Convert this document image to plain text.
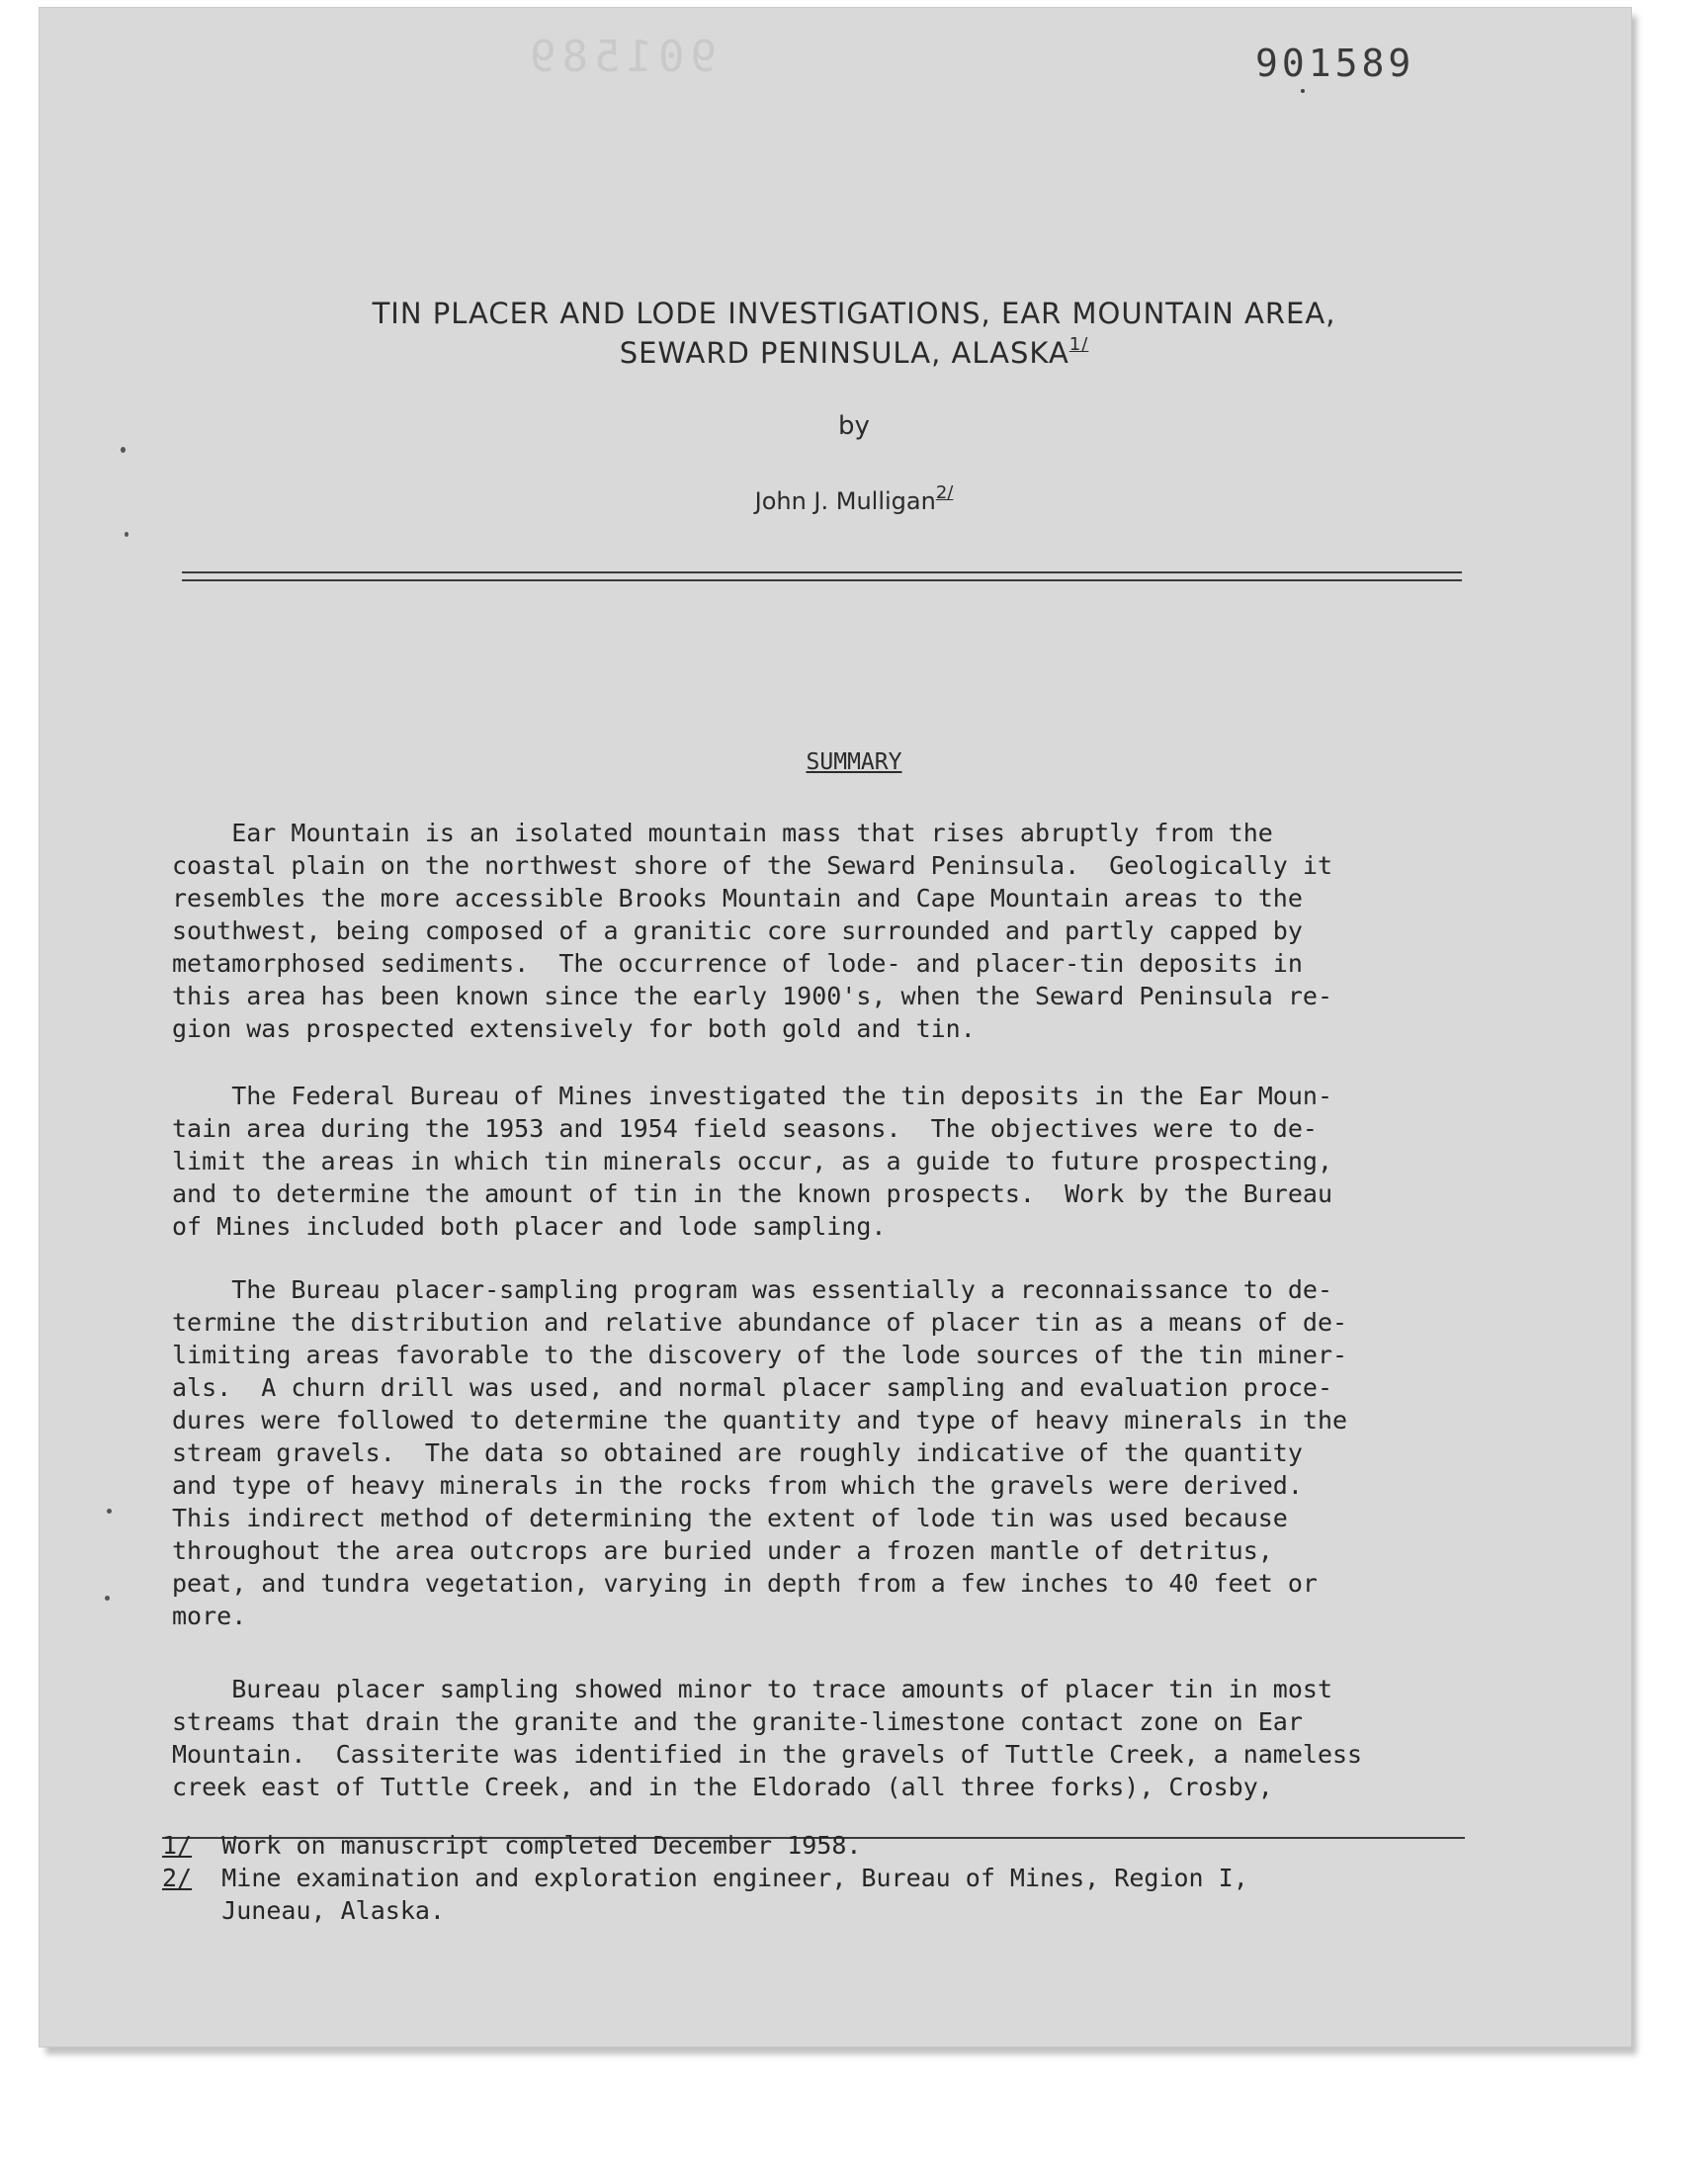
901589	901589
TIN PLACER AND LODE INVESTIGATIONS, EAR MOUNTAIN AREA,
SEWARD PENINSULA, $ALASKA^{1/}$
by
John J. Mulligan$^{2/}$
SUMMARY
Ear Mountain is an isolated mountain mass that rises abruptly from the
coastal plain on the northwest shore of the Seward Peninsula.  Geologically it
resembles the more accessible Brooks Mountain and Cape Mountain areas to the
southwest, being composed of a granitic core surrounded and partly capped by
metamorphosed sediments.  The occurrence of lode- and placer-tin deposits in
this area has been known since the early 1900's, when the Seward Peninsula re-
gion was prospected extensively for both gold and tin.
The Federal Bureau of Mines investigated the tin deposits in the Ear Moun-
tain area during the 1953 and 1954 field seasons.  The objectives were to de-
limit the areas in which tin minerals occur, as a guide to future prospecting,
and to determine the amount of tin in the known prospects.  Work by the Bureau
of Mines included both placer and lode sampling.
The Bureau placer-sampling program was essentially a reconnaissance to de-
termine the distribution and relative abundance of placer tin as a means of de-
limiting areas favorable to the discovery of the lode sources of the tin miner-
als.  A churn drill was used, and normal placer sampling and evaluation proce-
dures were followed to determine the quantity and type of heavy minerals in the
stream gravels.  The data so obtained are roughly indicative of the quantity
and type of heavy minerals in the rocks from which the gravels were derived.
This indirect method of determining the extent of lode tin was used because
throughout the area outcrops are buried under a frozen mantle of detritus,
peat, and tundra vegetation, varying in depth from a few inches to 40 feet or
more.
Bureau placer sampling showed minor to trace amounts of placer tin in most
streams that drain the granite and the granite-limestone contact zone on Ear
Mountain.  Cassiterite was identified in the gravels of Tuttle Creek, a nameless
creek east of Tuttle Creek, and in the Eldorado (all three forks), Crosby,
1/  Work on manuscript completed December 1958.
2/  Mine examination and exploration engineer, Bureau of Mines, Region I,
Juneau, Alaska.
